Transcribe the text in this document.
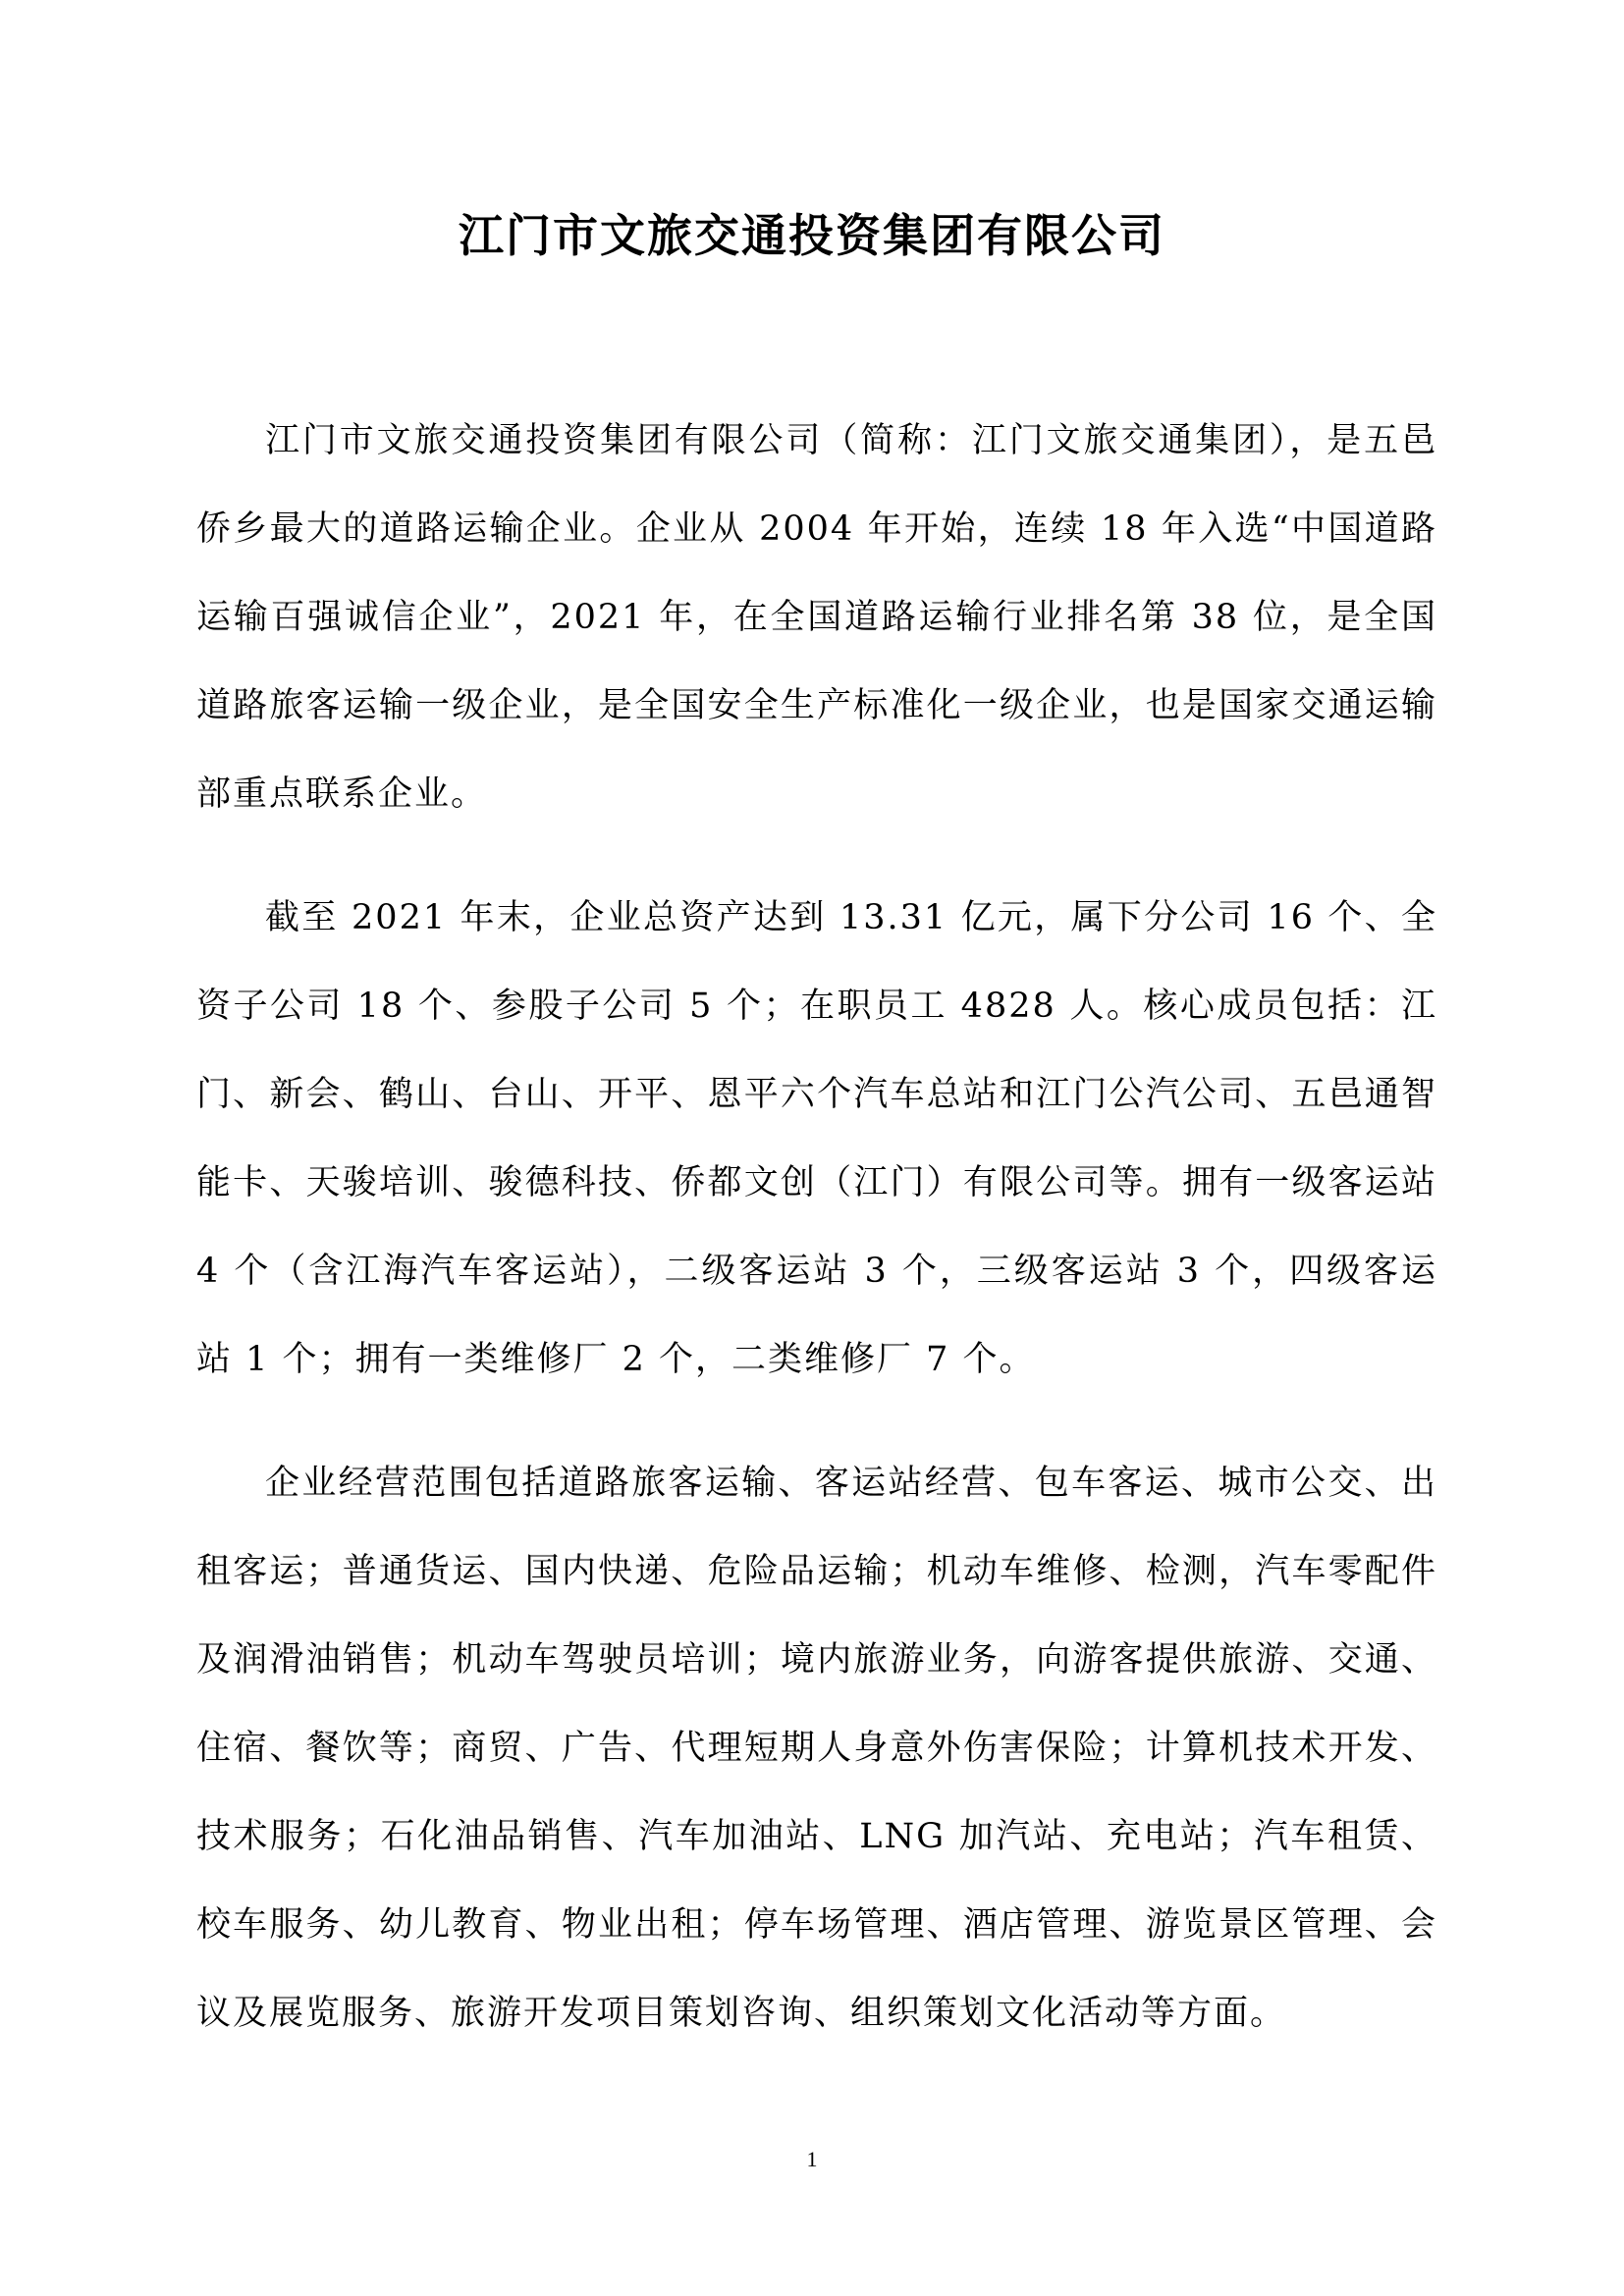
江门市文旅交通投资集团有限公司

江门市文旅交通投资集团有限公司（简称：江门文旅交通集团），是五邑侨乡最大的道路运输企业。企业从 2004 年开始，连续 18 年入选“中国道路运输百强诚信企业”，2021 年，在全国道路运输行业排名第 38 位，是全国道路旅客运输一级企业，是全国安全生产标准化一级企业，也是国家交通运输部重点联系企业。

截至 2021 年末，企业总资产达到 13.31 亿元，属下分公司 16 个、全资子公司 18 个、参股子公司 5 个；在职员工 4828 人。核心成员包括：江门、新会、鹤山、台山、开平、恩平六个汽车总站和江门公汽公司、五邑通智能卡、天骏培训、骏德科技、侨都文创（江门）有限公司等。拥有一级客运站 4 个（含江海汽车客运站），二级客运站 3 个，三级客运站 3 个，四级客运站 1 个；拥有一类维修厂 2 个，二类维修厂 7 个。

企业经营范围包括道路旅客运输、客运站经营、包车客运、城市公交、出租客运；普通货运、国内快递、危险品运输；机动车维修、检测，汽车零配件及润滑油销售；机动车驾驶员培训；境内旅游业务，向游客提供旅游、交通、住宿、餐饮等；商贸、广告、代理短期人身意外伤害保险；计算机技术开发、技术服务；石化油品销售、汽车加油站、LNG 加汽站、充电站；汽车租赁、校车服务、幼儿教育、物业出租；停车场管理、酒店管理、游览景区管理、会议及展览服务、旅游开发项目策划咨询、组织策划文化活动等方面。

1
